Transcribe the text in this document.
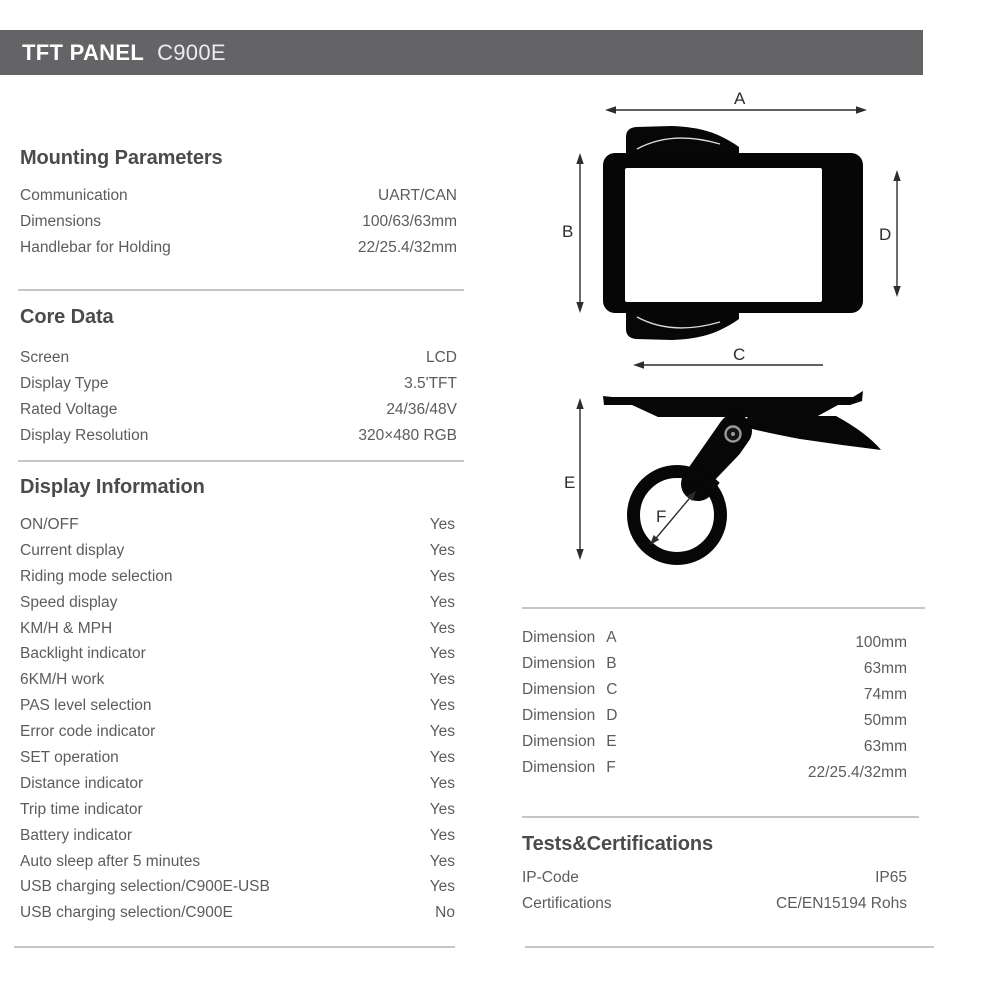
TFT PANEL C900E
Mounting Parameters
Communication	UART/CAN
Dimensions	100/63/63mm
Handlebar for Holding	22/25.4/32mm
Core Data
Screen	LCD
Display Type	3.5'TFT
Rated Voltage	24/36/48V
Display Resolution	320×480 RGB
Display Information
ON/OFF	Yes
Current display	Yes
Riding mode selection	Yes
Speed display	Yes
KM/H & MPH	Yes
Backlight indicator	Yes
6KM/H work	Yes
PAS level selection	Yes
Error code indicator	Yes
SET operation	Yes
Distance indicator	Yes
Trip time indicator	Yes
Battery indicator	Yes
Auto sleep after 5 minutes	Yes
USB charging selection/C900E-USB	Yes
USB charging selection/C900E	No
A
B
C
D
E
F
Dimension A	100mm
Dimension B	63mm
Dimension C	74mm
Dimension D	50mm
Dimension E	63mm
Dimension F	22/25.4/32mm
Tests&Certifications
IP-Code	IP65
Certifications	CE/EN15194 Rohs
